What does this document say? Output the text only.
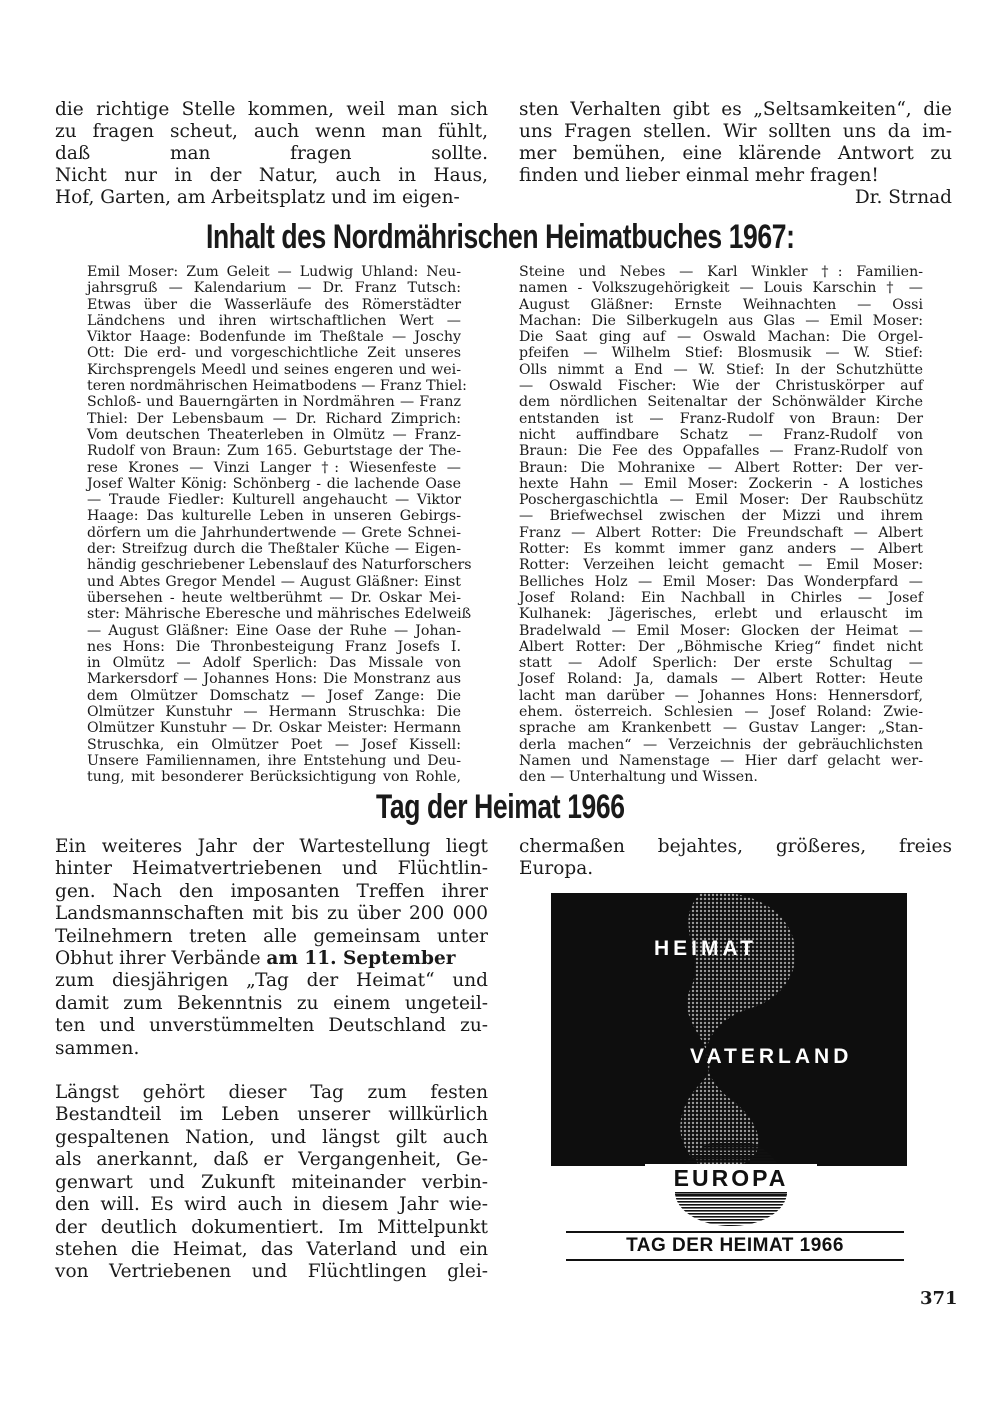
die richtige Stelle kommen, weil man sich
zu fragen scheut, auch wenn man fühlt,
daß man fragen sollte.
Nicht nur in der Natur, auch in Haus,
Hof, Garten, am Arbeitsplatz und im eigen-
sten Verhalten gibt es „Seltsamkeiten“, die
uns Fragen stellen. Wir sollten uns da im-
mer bemühen, eine klärende Antwort zu
finden und lieber einmal mehr fragen!
Dr. Strnad
Inhalt des Nordmährischen Heimatbuches 1967:
Emil Moser: Zum Geleit — Ludwig Uhland: Neu-
jahrsgruß — Kalendarium — Dr. Franz Tutsch:
Etwas über die Wasserläufe des Römerstädter
Ländchens und ihren wirtschaftlichen Wert —
Viktor Haage: Bodenfunde im Theßtale — Joschy
Ott: Die erd- und vorgeschichtliche Zeit unseres
Kirchsprengels Meedl und seines engeren und wei-
teren nordmährischen Heimatbodens — Franz Thiel:
Schloß- und Bauerngärten in Nordmähren — Franz
Thiel: Der Lebensbaum — Dr. Richard Zimprich:
Vom deutschen Theaterleben in Olmütz — Franz-
Rudolf von Braun: Zum 165. Geburtstage der The-
rese Krones — Vinzi Langer †: Wiesenfeste —
Josef Walter König: Schönberg - die lachende Oase
— Traude Fiedler: Kulturell angehaucht — Viktor
Haage: Das kulturelle Leben in unseren Gebirgs-
dörfern um die Jahrhundertwende — Grete Schnei-
der: Streifzug durch die Theßtaler Küche — Eigen-
händig geschriebener Lebenslauf des Naturforschers
und Abtes Gregor Mendel — August Gläßner: Einst
übersehen - heute weltberühmt — Dr. Oskar Mei-
ster: Mährische Eberesche und mährisches Edelweiß
— August Gläßner: Eine Oase der Ruhe — Johan-
nes Hons: Die Thronbesteigung Franz Josefs I.
in Olmütz — Adolf Sperlich: Das Missale von
Markersdorf — Johannes Hons: Die Monstranz aus
dem Olmützer Domschatz — Josef Zange: Die
Olmützer Kunstuhr — Hermann Struschka: Die
Olmützer Kunstuhr — Dr. Oskar Meister: Hermann
Struschka, ein Olmützer Poet — Josef Kissell:
Unsere Familiennamen, ihre Entstehung und Deu-
tung, mit besonderer Berücksichtigung von Rohle,
Steine und Nebes — Karl Winkler †: Familien-
namen - Volkszugehörigkeit — Louis Karschin † —
August Gläßner: Ernste Weihnachten — Ossi
Machan: Die Silberkugeln aus Glas — Emil Moser:
Die Saat ging auf — Oswald Machan: Die Orgel-
pfeifen — Wilhelm Stief: Blosmusik — W. Stief:
Olls nimmt a End — W. Stief: In der Schutzhütte
— Oswald Fischer: Wie der Christuskörper auf
dem nördlichen Seitenaltar der Schönwälder Kirche
entstanden ist — Franz-Rudolf von Braun: Der
nicht auffindbare Schatz — Franz-Rudolf von
Braun: Die Fee des Oppafalles — Franz-Rudolf von
Braun: Die Mohranixe — Albert Rotter: Der ver-
hexte Hahn — Emil Moser: Zockerin - A lostiches
Poschergaschichtla — Emil Moser: Der Raubschütz
— Briefwechsel zwischen der Mizzi und ihrem
Franz — Albert Rotter: Die Freundschaft — Albert
Rotter: Es kommt immer ganz anders — Albert
Rotter: Verzeihen leicht gemacht — Emil Moser:
Belliches Holz — Emil Moser: Das Wonderpfard —
Josef Roland: Ein Nachball in Chirles — Josef
Kulhanek: Jägerisches, erlebt und erlauscht im
Bradelwald — Emil Moser: Glocken der Heimat —
Albert Rotter: Der „Böhmische Krieg“ findet nicht
statt — Adolf Sperlich: Der erste Schultag —
Josef Roland: Ja, damals — Albert Rotter: Heute
lacht man darüber — Johannes Hons: Hennersdorf,
ehem. österreich. Schlesien — Josef Roland: Zwie-
sprache am Krankenbett — Gustav Langer: „Stan-
derla machen“ — Verzeichnis der gebräuchlichsten
Namen und Namenstage — Hier darf gelacht wer-
den — Unterhaltung und Wissen.
Tag der Heimat 1966

Ein weiteres Jahr der Wartestellung liegt
hinter Heimatvertriebenen und Flüchtlin-
gen. Nach den imposanten Treffen ihrer
Landsmannschaften mit bis zu über 200 000
Teilnehmern treten alle gemeinsam unter
Obhut ihrer Verbände am 11. September
zum diesjährigen „Tag der Heimat“ und
damit zum Bekenntnis zu einem ungeteil-
ten und unverstümmelten Deutschland zu-
sammen.

Längst gehört dieser Tag zum festen
Bestandteil im Leben unserer willkürlich
gespaltenen Nation, und längst gilt auch
als anerkannt, daß er Vergangenheit, Ge-
genwart und Zukunft miteinander verbin-
den will. Es wird auch in diesem Jahr wie-
der deutlich dokumentiert. Im Mittelpunkt
stehen die Heimat, das Vaterland und ein
von Vertriebenen und Flüchtlingen glei-

chermaßen bejahtes, größeres, freies
Europa.
HEIMAT
VATERLAND
EUROPA
TAG DER HEIMAT 1966
371
